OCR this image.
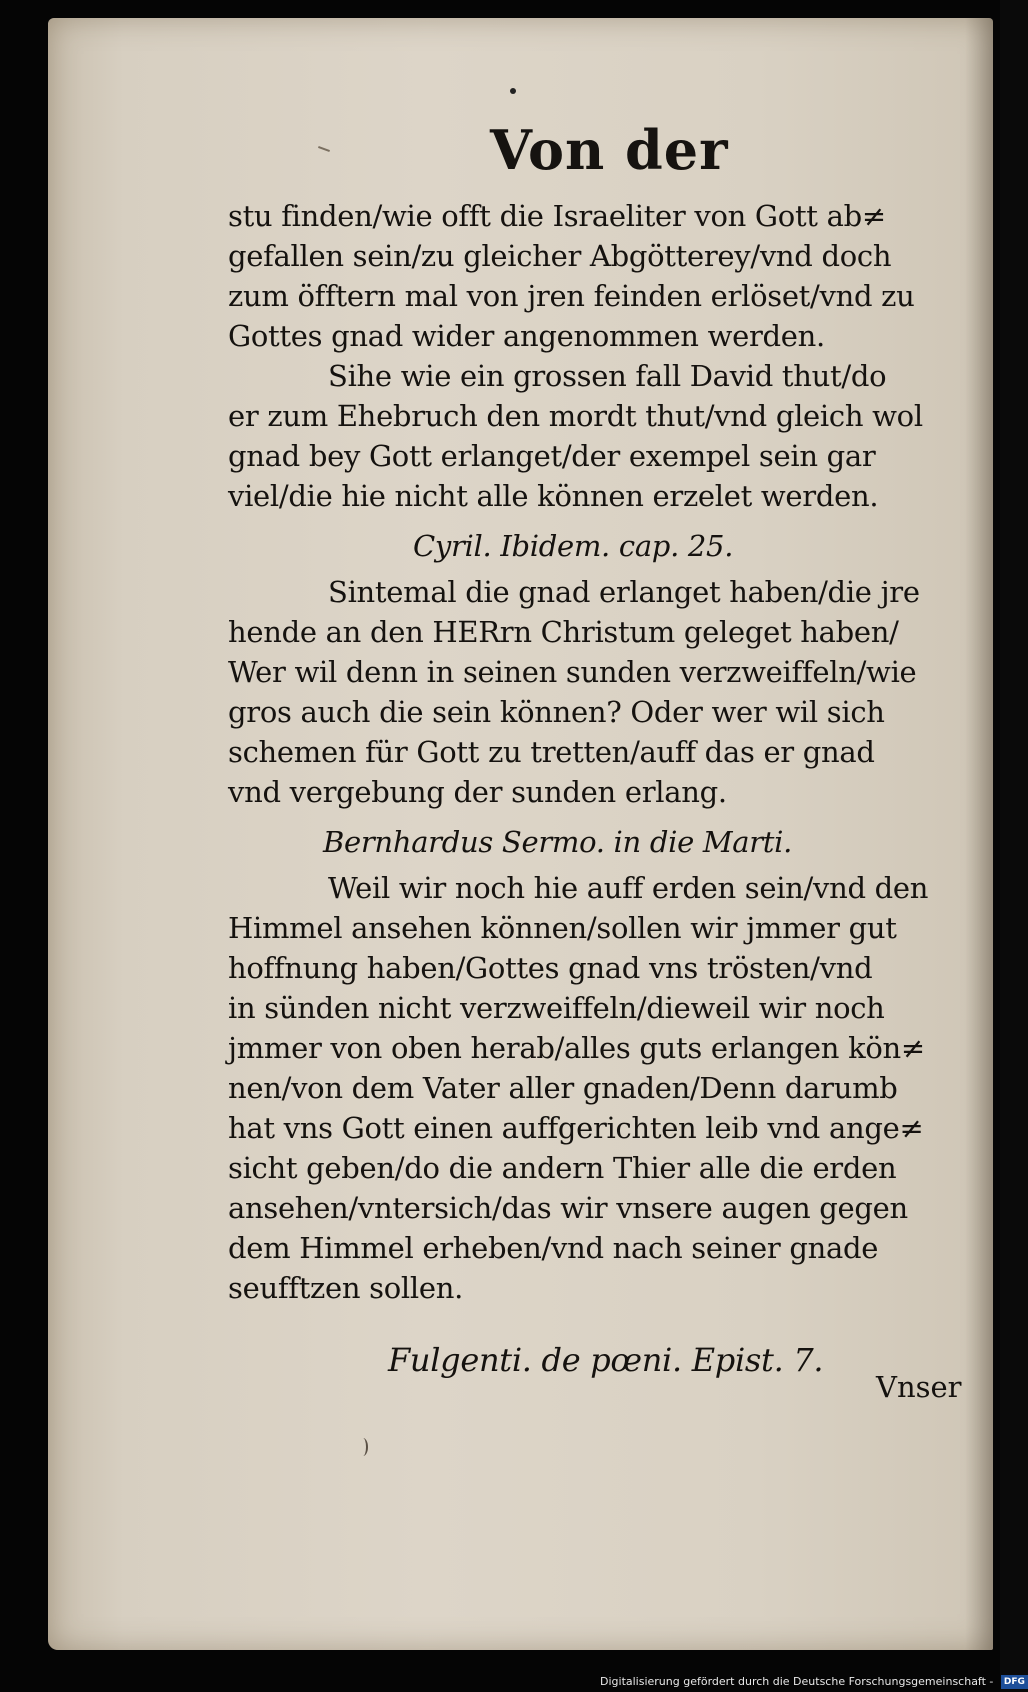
Von der
stu finden/wie offt die Israeliter von Gott ab≠
gefallen sein/zu gleicher Abgötterey/vnd doch
zum öfftern mal von jren feinden erlöset/vnd zu
Gottes gnad wider angenommen werden.
Sihe wie ein grossen fall David thut/do
er zum Ehebruch den mordt thut/vnd gleich wol
gnad bey Gott erlanget/der exempel sein gar
viel/die hie nicht alle können erzelet werden.
Cyril. Ibidem. cap. 25.
Sintemal die gnad erlanget haben/die jre
hende an den HERrn Christum geleget haben/
Wer wil denn in seinen sunden verzweiffeln/wie
gros auch die sein können? Oder wer wil sich
schemen für Gott zu tretten/auff das er gnad
vnd vergebung der sunden erlang.
Bernhardus Sermo. in die Marti.
Weil wir noch hie auff erden sein/vnd den
Himmel ansehen können/sollen wir jmmer gut
hoffnung haben/Gottes gnad vns trösten/vnd
in sünden nicht verzweiffeln/dieweil wir noch
jmmer von oben herab/alles guts erlangen kön≠
nen/von dem Vater aller gnaden/Denn darumb
hat vns Gott einen auffgerichten leib vnd ange≠
sicht geben/do die andern Thier alle die erden
ansehen/vntersich/das wir vnsere augen gegen
dem Himmel erheben/vnd nach seiner gnade
seufftzen sollen.
Fulgenti. de pœni. Epist. 7.
Vnser
Digitalisierung gefördert durch die Deutsche Forschungsgemeinschaft - DFG
